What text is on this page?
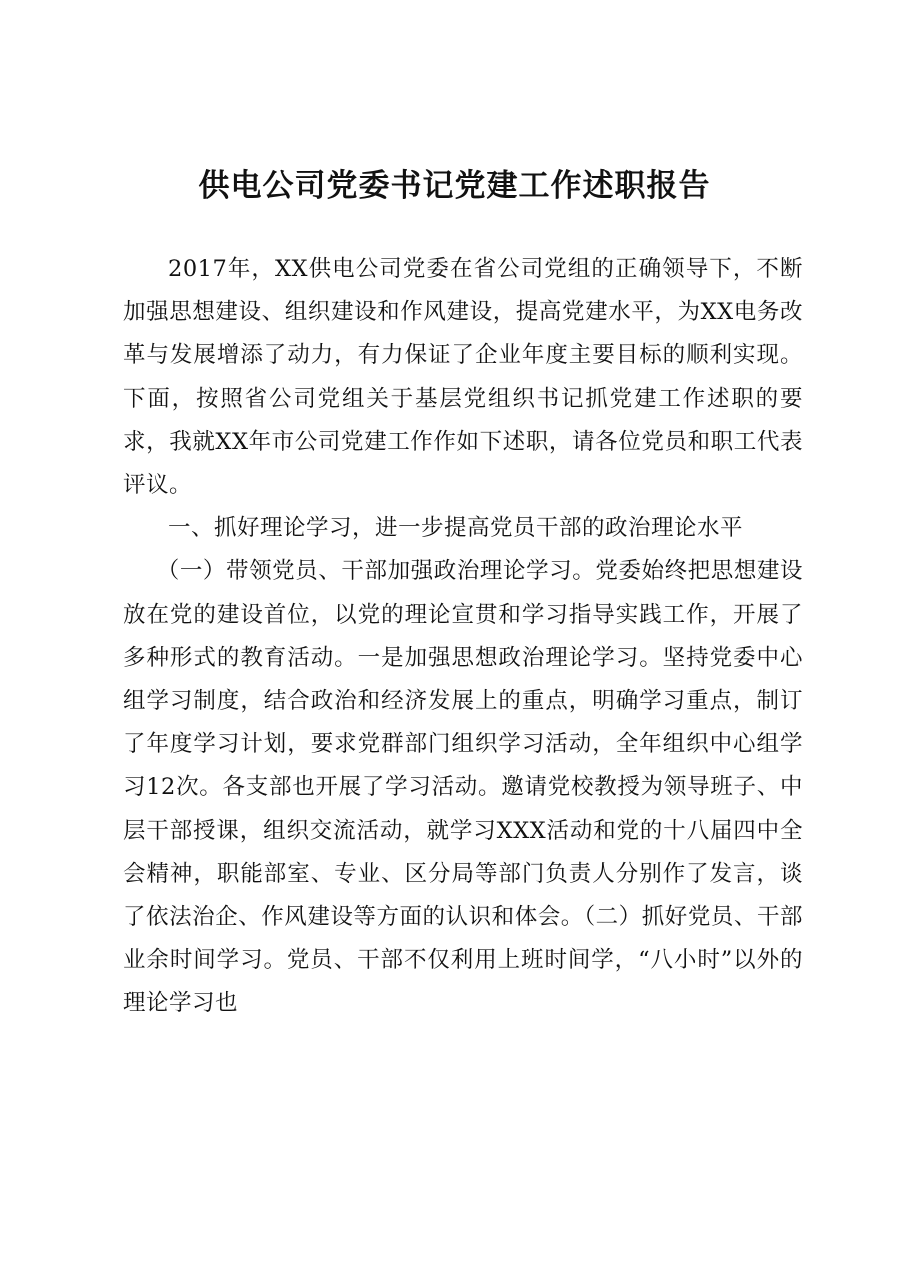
供电公司党委书记党建工作述职报告

2017年，XX供电公司党委在省公司党组的正确领导下，不断加强思想建设、组织建设和作风建设，提高党建水平，为XX电务改革与发展增添了动力，有力保证了企业年度主要目标的顺利实现。下面，按照省公司党组关于基层党组织书记抓党建工作述职的要求，我就XX年市公司党建工作作如下述职，请各位党员和职工代表评议。

一、抓好理论学习，进一步提高党员干部的政治理论水平

（一）带领党员、干部加强政治理论学习。党委始终把思想建设放在党的建设首位，以党的理论宣贯和学习指导实践工作，开展了多种形式的教育活动。一是加强思想政治理论学习。坚持党委中心组学习制度，结合政治和经济发展上的重点，明确学习重点，制订了年度学习计划，要求党群部门组织学习活动，全年组织中心组学习12次。各支部也开展了学习活动。邀请党校教授为领导班子、中层干部授课，组织交流活动，就学习XXX活动和党的十八届四中全会精神，职能部室、专业、区分局等部门负责人分别作了发言，谈了依法治企、作风建设等方面的认识和体会。（二）抓好党员、干部业余时间学习。党员、干部不仅利用上班时间学，“八小时”以外的理论学习也
